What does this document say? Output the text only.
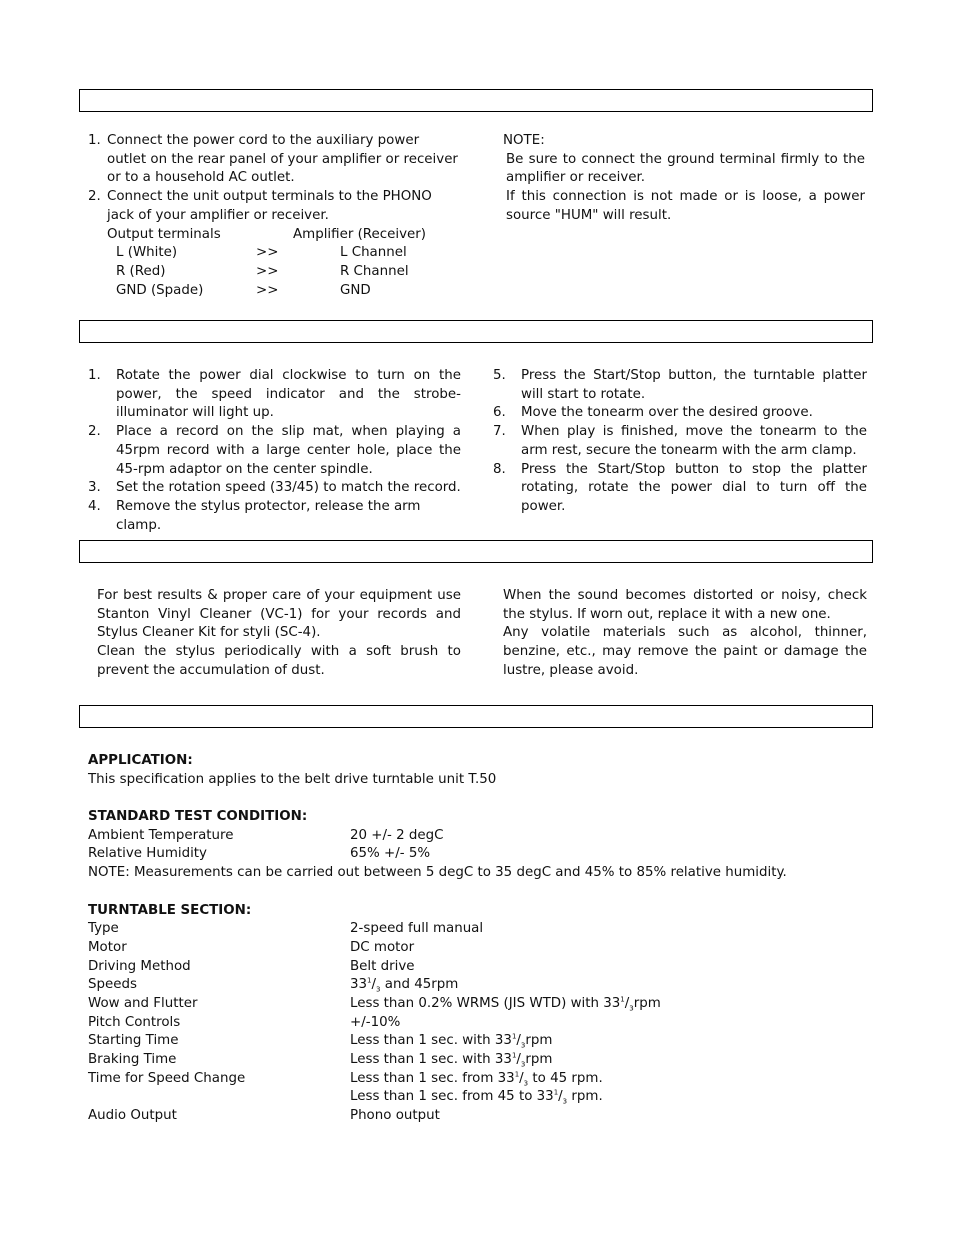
1. Connect the power cord to the auxiliary power outlet on the rear panel of your amplifier or receiver or to a household AC outlet.
2. Connect the unit output terminals to the PHONO jack of your amplifier or receiver.
Output terminals	Amplifier (Receiver)
L (White)	>>	L Channel
R (Red)	>>	R Channel
GND (Spade)	>>	GND
NOTE:

Be sure to connect the ground terminal firmly to the amplifier or receiver.

If this connection is not made or is loose, a power source "HUM" will result.

1. Rotate the power dial clockwise to turn on the power, the speed indicator and the strobe-illuminator will light up.
2. Place a record on the slip mat, when playing a 45rpm record with a large center hole, place the 45-rpm adaptor on the center spindle.
3. Set the rotation speed (33/45) to match the record.
4. Remove the stylus protector, release the arm clamp.
5. Press the Start/Stop button, the turntable platter will start to rotate.
6. Move the tonearm over the desired groove.
7. When play is finished, move the tonearm to the arm rest, secure the tonearm with the arm clamp.
8. Press the Start/Stop button to stop the platter rotating, rotate the power dial to turn off the power.

For best results & proper care of your equipment use Stanton Vinyl Cleaner (VC-1) for your records and Stylus Cleaner Kit for styli (SC-4).

Clean the stylus periodically with a soft brush to prevent the accumulation of dust.

When the sound becomes distorted or noisy, check the stylus. If worn out, replace it with a new one.

Any volatile materials such as alcohol, thinner, benzine, etc., may remove the paint or damage the lustre, please avoid.

APPLICATION:
This specification applies to the belt drive turntable unit T.50
STANDARD TEST CONDITION:
Ambient Temperature	20 +/- 2 degC
Relative Humidity	65% +/- 5%
NOTE: Measurements can be carried out between 5 degC to 35 degC and 45% to 85% relative humidity.
TURNTABLE SECTION:
Type	2-speed full manual
Motor	DC motor
Driving Method	Belt drive
Speeds	$33^1/_3$ and 45rpm
Wow and Flutter	Less than 0.2% WRMS (JIS WTD) with $33^1/_3rpm$
Pitch Controls	+/-10%
Starting Time	Less than 1 sec. with $33^1/_3rpm$
Braking Time	Less than 1 sec. with $33^1/_3rpm$
Time for Speed Change	Less than 1 sec. from $33^1/_3$ to 45 rpm.
Less than 1 sec. from 45 to $33^1/_3$ rpm.
Audio Output	Phono output
